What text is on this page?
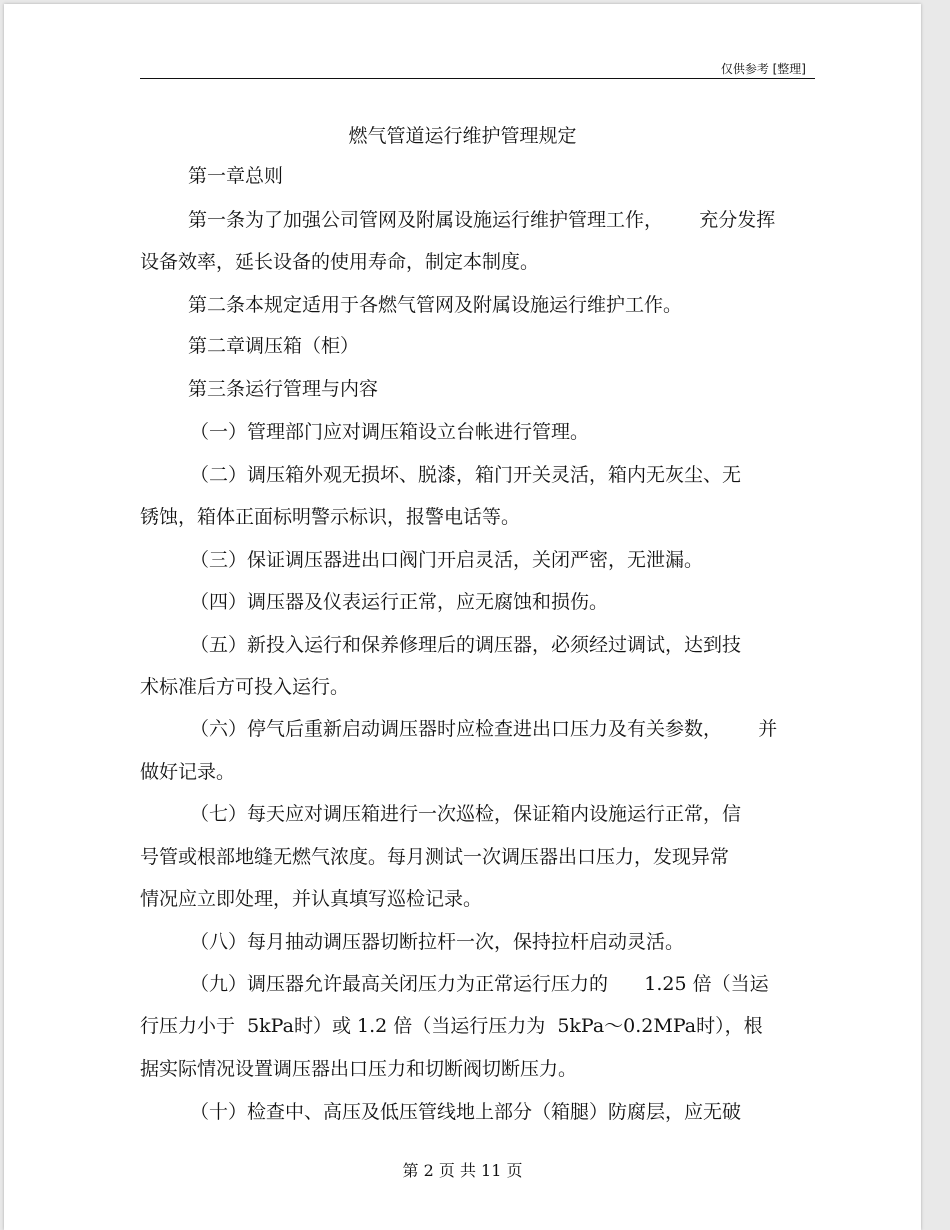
仅供参考 [整理]
燃气管道运行维护管理规定
第一章总则
第一条为了加强公司管网及附属设施运行维护管理工作，      充分发挥
设备效率，延长设备的使用寿命，制定本制度。
第二条本规定适用于各燃气管网及附属设施运行维护工作。
第二章调压箱（柜）
第三条运行管理与内容
（一）管理部门应对调压箱设立台帐进行管理。
（二）调压箱外观无损坏、脱漆，箱门开关灵活，箱内无灰尘、无
锈蚀，箱体正面标明警示标识，报警电话等。
（三）保证调压器进出口阀门开启灵活，关闭严密，无泄漏。
（四）调压器及仪表运行正常，应无腐蚀和损伤。
（五）新投入运行和保养修理后的调压器，必须经过调试，达到技
术标准后方可投入运行。
（六）停气后重新启动调压器时应检查进出口压力及有关参数，      并
做好记录。
（七）每天应对调压箱进行一次巡检，保证箱内设施运行正常，信
号管或根部地缝无燃气浓度。每月测试一次调压器出口压力，发现异常
情况应立即处理，并认真填写巡检记录。
（八）每月抽动调压器切断拉杆一次，保持拉杆启动灵活。
（九）调压器允许最高关闭压力为正常运行压力的      1.25 倍（当运
行压力小于  5kPa时）或 1.2 倍（当运行压力为  5kPa～0.2MPa时），根
据实际情况设置调压器出口压力和切断阀切断压力。
（十）检查中、高压及低压管线地上部分（箱腿）防腐层，应无破
第 2 页 共 11 页
